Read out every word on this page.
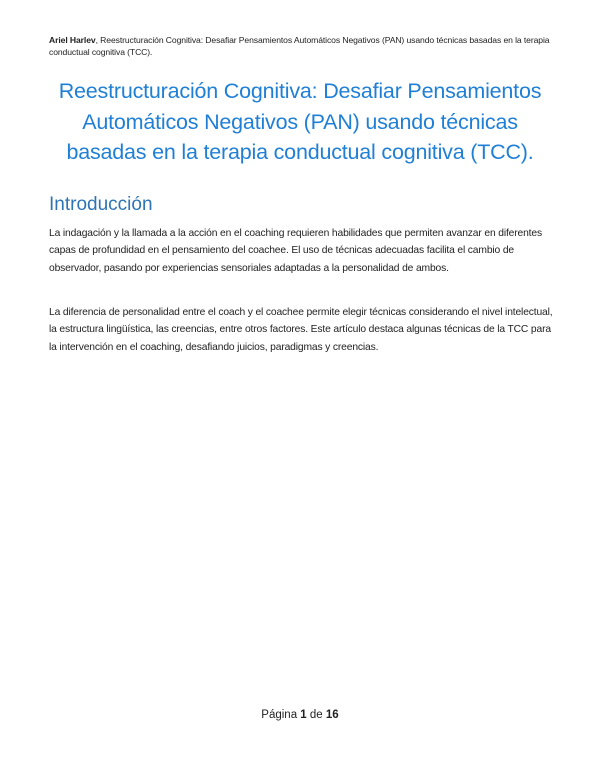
Ariel Harlev, Reestructuración Cognitiva: Desafiar Pensamientos Automáticos Negativos (PAN) usando técnicas basadas en la terapia conductual cognitiva (TCC).
Reestructuración Cognitiva: Desafiar Pensamientos Automáticos Negativos (PAN) usando técnicas basadas en la terapia conductual cognitiva (TCC).
Introducción

La indagación y la llamada a la acción en el coaching requieren habilidades que permiten avanzar en diferentes capas de profundidad en el pensamiento del coachee. El uso de técnicas adecuadas facilita el cambio de observador, pasando por experiencias sensoriales adaptadas a la personalidad de ambos.

La diferencia de personalidad entre el coach y el coachee permite elegir técnicas considerando el nivel intelectual, la estructura lingüística, las creencias, entre otros factores. Este artículo destaca algunas técnicas de la TCC para la intervención en el coaching, desafiando juicios, paradigmas y creencias.

Página 1 de 16
